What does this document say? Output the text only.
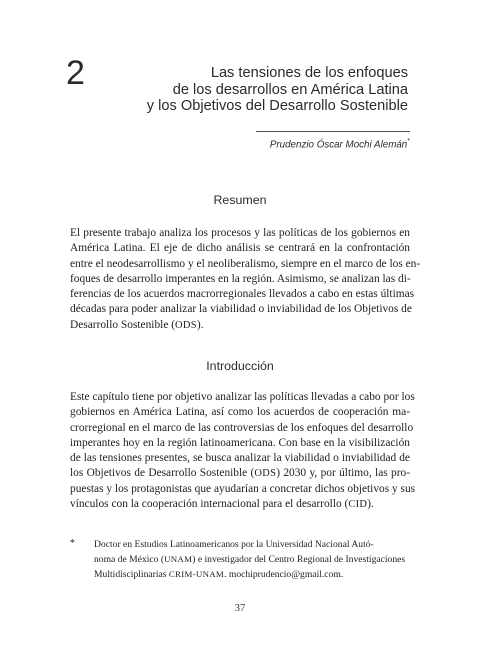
2	Las tensiones de los enfoques
de los desarrollos en América Latina
y los Objetivos del Desarrollo Sostenible
Prudenzio Óscar Mochi Alemán*
Resumen
El presente trabajo analiza los procesos y las políticas de los gobiernos en
América Latina. El eje de dicho análisis se centrará en la confrontación
entre el neodesarrollismo y el neoliberalismo, siempre en el marco de los en-
foques de desarrollo imperantes en la región. Asimismo, se analizan las di-
ferencias de los acuerdos macrorregionales llevados a cabo en estas últimas
décadas para poder analizar la viabilidad o inviabilidad de los Objetivos de
Desarrollo Sostenible (ODS).
Introducción
Este capítulo tiene por objetivo analizar las políticas llevadas a cabo por los
gobiernos en América Latina, así como los acuerdos de cooperación ma-
crorregional en el marco de las controversias de los enfoques del desarrollo
imperantes hoy en la región latinoamericana. Con base en la visibilización
de las tensiones presentes, se busca analizar la viabilidad o inviabilidad de
los Objetivos de Desarrollo Sostenible (ODS) 2030 y, por último, las pro-
puestas y los protagonistas que ayudarían a concretar dichos objetivos y sus
vínculos con la cooperación internacional para el desarrollo (CID).
* Doctor en Estudios Latinoamericanos por la Universidad Nacional Autó-
noma de México (UNAM) e investigador del Centro Regional de Investigaciones
Multidisciplinarias CRIM-UNAM. mochiprudencio@gmail.com.
37
